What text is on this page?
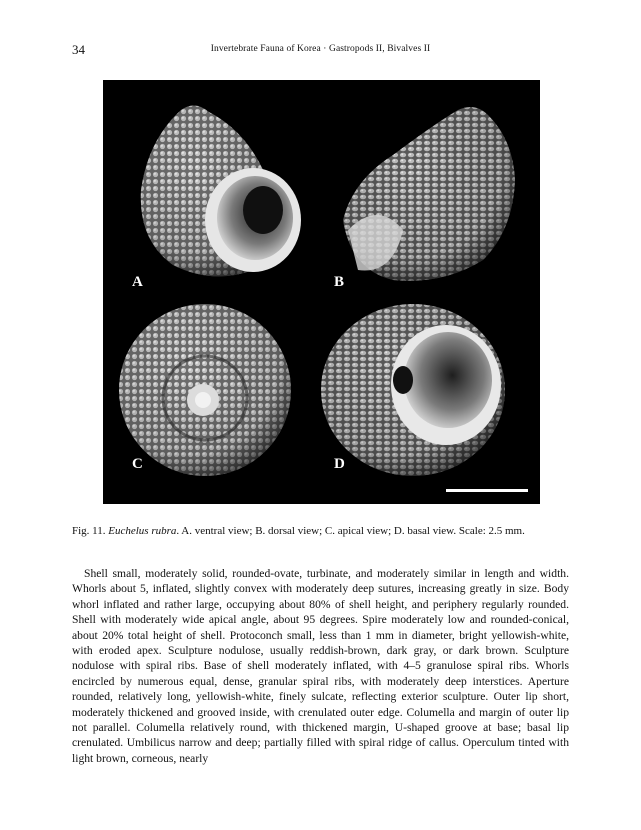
34	Invertebrate Fauna of Korea · Gastropods II, Bivalves II
A	B
C	D
Fig. 11. Euchelus rubra. A. ventral view; B. dorsal view; C. apical view; D. basal view. Scale: 2.5 mm.

Shell small, moderately solid, rounded-ovate, turbinate, and moderately similar in length and width. Whorls about 5, inflated, slightly convex with moderately deep sutures, increasing greatly in size. Body whorl inflated and rather large, occupying about 80% of shell height, and periphery regularly rounded. Shell with moderately wide apical angle, about 95 degrees. Spire moderately low and rounded-conical, about 20% total height of shell. Protoconch small, less than 1 mm in diameter, bright yellowish-white, with eroded apex. Sculpture nodulose, usually reddish-brown, dark gray, or dark brown. Sculpture nodulose with spiral ribs. Base of shell moderately inflated, with 4–5 granulose spiral ribs. Whorls encircled by numerous equal, dense, granular spiral ribs, with moderately deep interstices. Aperture rounded, relatively long, yellowish-white, finely sulcate, reflecting exterior sculpture. Outer lip short, moderately thickened and grooved inside, with crenulated outer edge. Columella and margin of outer lip not parallel. Columella relatively round, with thickened margin, U-shaped groove at base; basal lip crenulated. Umbilicus narrow and deep; partially filled with spiral ridge of callus. Operculum tinted with light brown, corneous, nearly
